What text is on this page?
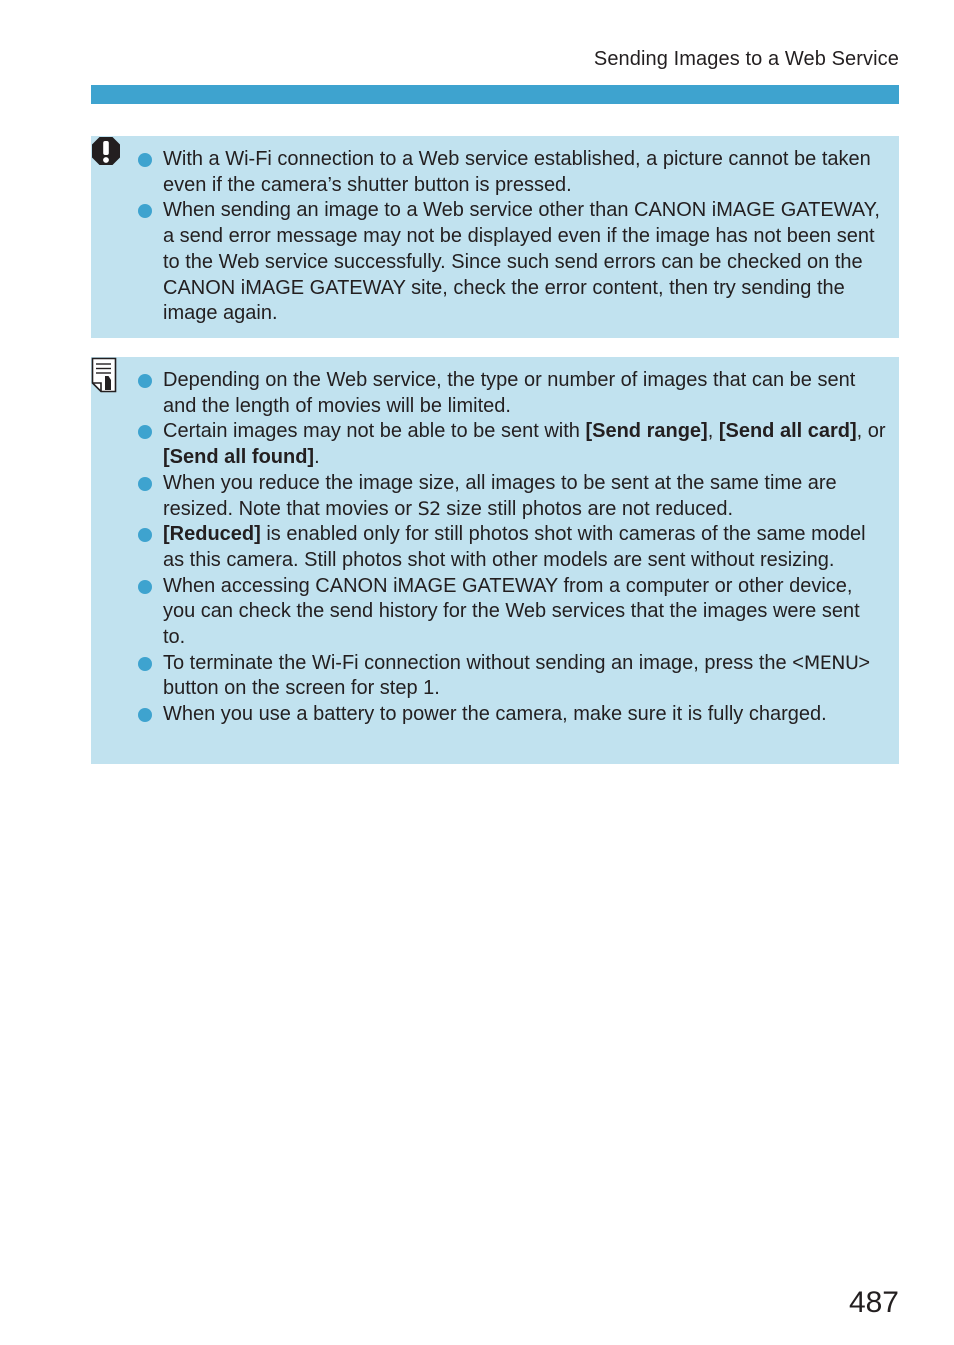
Sending Images to a Web Service
With a Wi-Fi connection to a Web service established, a picture cannot be taken even if the camera’s shutter button is pressed.
When sending an image to a Web service other than CANON iMAGE GATEWAY, a send error message may not be displayed even if the image has not been sent to the Web service successfully. Since such send errors can be checked on the CANON iMAGE GATEWAY site, check the error content, then try sending the image again.
Depending on the Web service, the type or number of images that can be sent and the length of movies will be limited.
Certain images may not be able to be sent with [Send range], [Send all card], or [Send all found].
When you reduce the image size, all images to be sent at the same time are resized. Note that movies or S2 size still photos are not reduced.
[Reduced] is enabled only for still photos shot with cameras of the same model as this camera. Still photos shot with other models are sent without resizing.
When accessing CANON iMAGE GATEWAY from a computer or other device, you can check the send history for the Web services that the images were sent to.
To terminate the Wi-Fi connection without sending an image, press the <MENU> button on the screen for step 1.
When you use a battery to power the camera, make sure it is fully charged.
487
